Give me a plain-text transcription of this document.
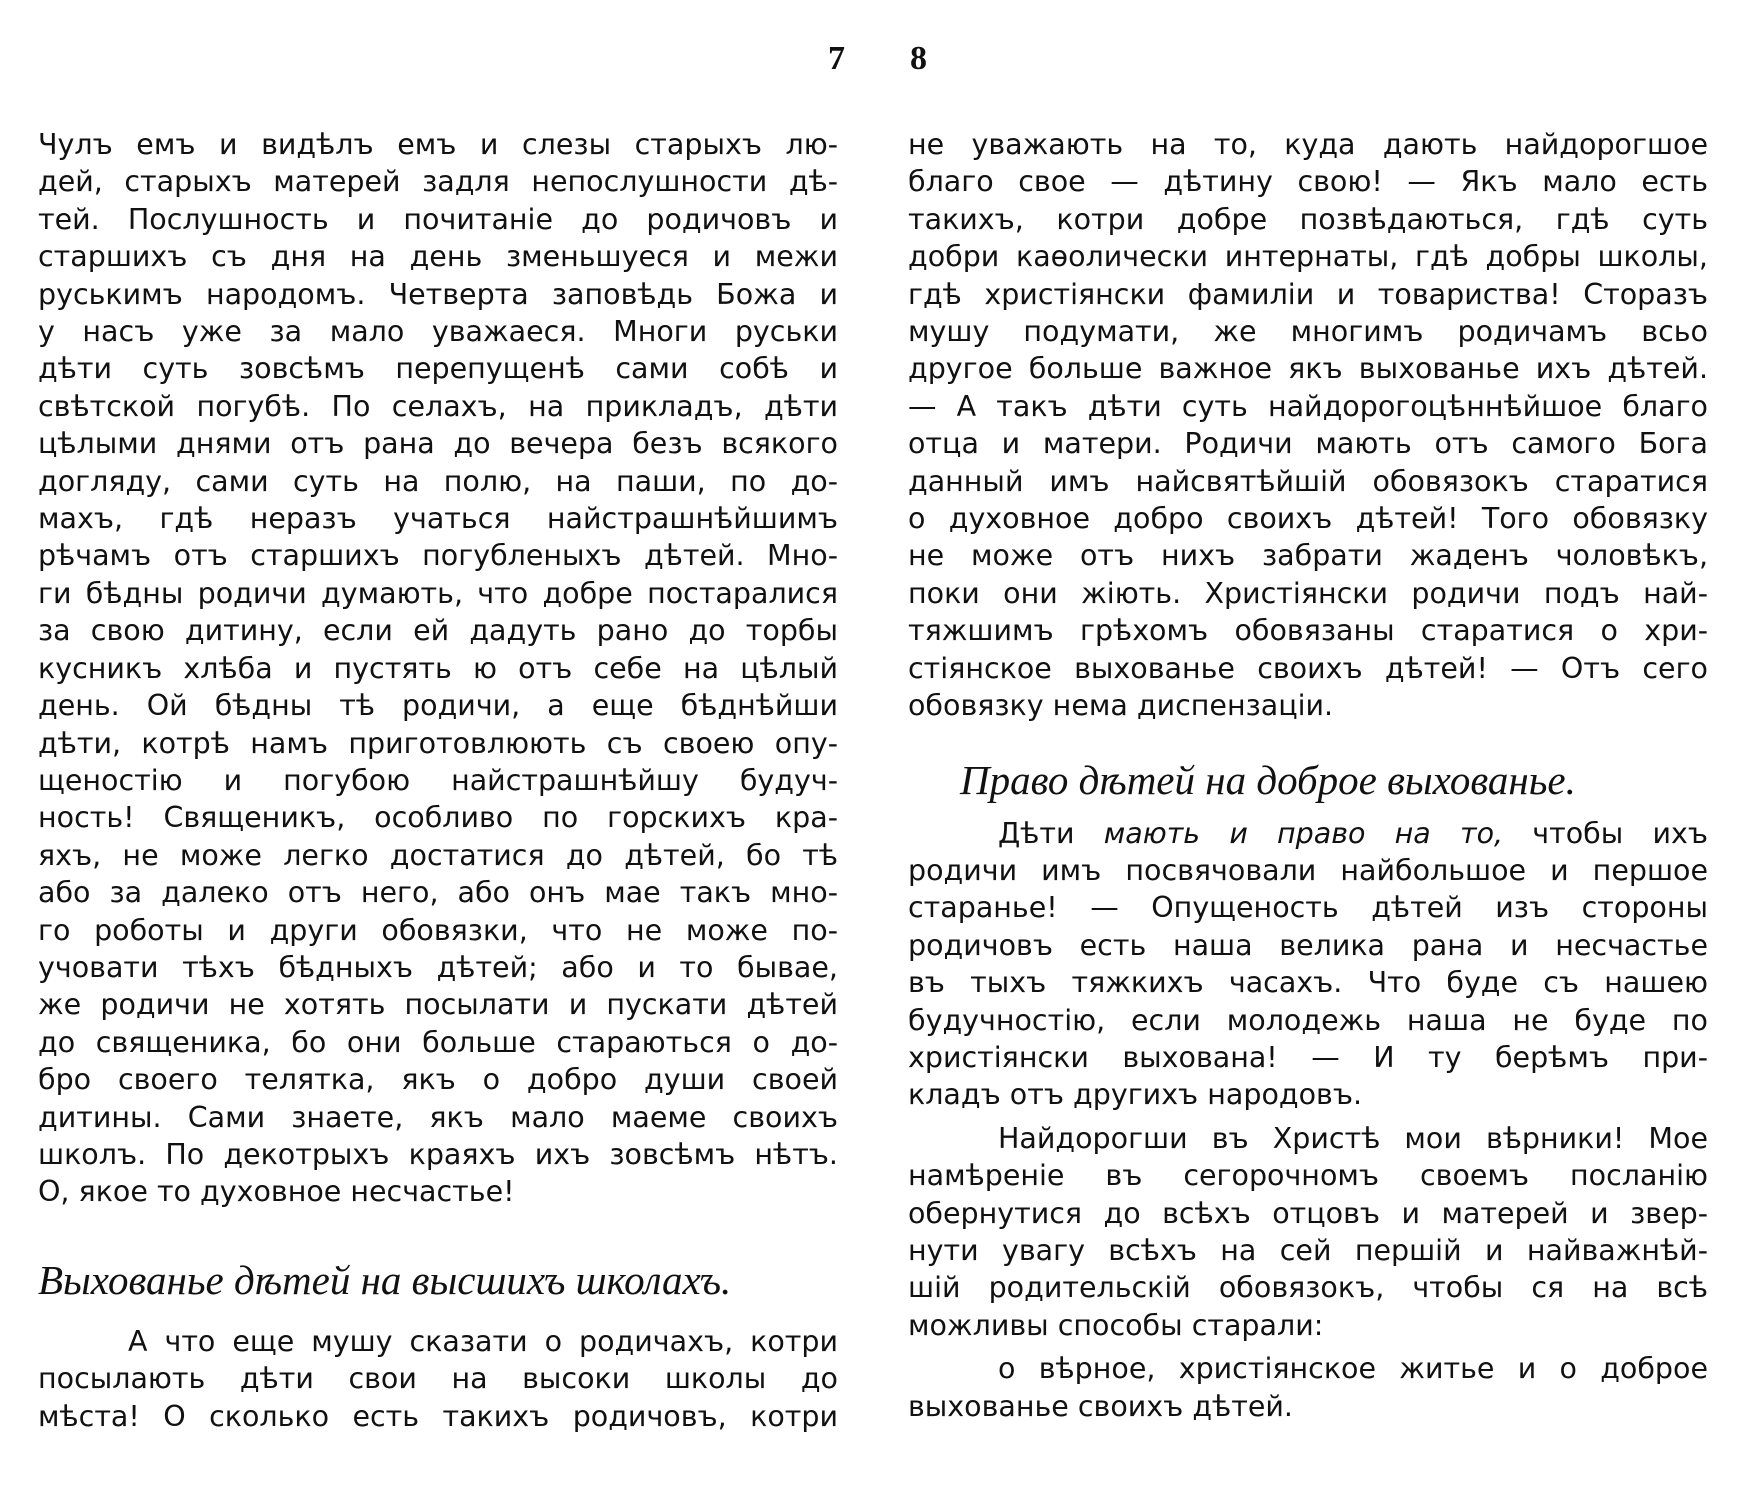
7 8
Чулъ емъ и видѣлъ емъ и слезы старыхъ лю-
дей, старыхъ матерей задля непослушности дѣ-
тей. Послушность и почитаніе до родичовъ и
старшихъ съ дня на день зменьшуеся и межи
руськимъ народомъ. Четверта заповѣдь Божа и
у насъ уже за мало уважаеся. Многи руськи
дѣти суть зовсѣмъ перепущенѣ сами собѣ и
свѣтской погубѣ. По селахъ, на прикладъ, дѣти
цѣлыми днями отъ рана до вечера безъ всякого
догляду, сами суть на полю, на паши, по до-
махъ, гдѣ неразъ учаться найстрашнѣйшимъ
рѣчамъ отъ старшихъ погубленыхъ дѣтей. Мно-
ги бѣдны родичи думають, что добре постаралися
за свою дитину, если ей дадуть рано до торбы
кусникъ хлѣба и пустять ю отъ себе на цѣлый
день. Ой бѣдны тѣ родичи, а еще бѣднѣйши
дѣти, котрѣ намъ приготовлюють съ своею опу-
щеностію и погубою найстрашнѣйшу будуч-
ность! Священикъ, особливо по горскихъ кра-
яхъ, не може легко достатися до дѣтей, бо тѣ
або за далеко отъ него, або онъ мае такъ мно-
го роботы и други обовязки, что не може по-
учовати тѣхъ бѣдныхъ дѣтей; або и то бывае,
же родичи не хотять посылати и пускати дѣтей
до священика, бо они больше стараються о до-
бро своего телятка, якъ о добро души своей
дитины. Сами знаете, якъ мало маеме своихъ
школъ. По декотрыхъ краяхъ ихъ зовсѣмъ нѣтъ.
О, якое то духовное несчастье!
Выхованье дѣтей на высшихъ школахъ.
А что еще мушу сказати о родичахъ, котри
посылають дѣти свои на высоки школы до
мѣста! О сколько есть такихъ родичовъ, котри
не уважають на то, куда дають найдорогшое
благо свое — дѣтину свою! — Якъ мало есть
такихъ, котри добре позвѣдаються, гдѣ суть
добри каѳолически интернаты, гдѣ добры школы,
гдѣ христіянски фамиліи и товариства! Сторазъ
мушу подумати, же многимъ родичамъ всьо
другое больше важное якъ выхованье ихъ дѣтей.
— А такъ дѣти суть найдорогоцѣннѣйшое благо
отца и матери. Родичи мають отъ самого Бога
данный имъ найсвятѣйшій обовязокъ старатися
о духовное добро своихъ дѣтей! Того обовязку
не може отъ нихъ забрати жаденъ чоловѣкъ,
поки они жіють. Христіянски родичи подъ най-
тяжшимъ грѣхомъ обовязаны старатися о хри-
стіянское выхованье своихъ дѣтей! — Отъ сего
обовязку нема диспензаціи.
Право дѣтей на доброе выхованье.
Дѣти мають и право на то, чтобы ихъ
родичи имъ посвячовали найбольшое и першое
старанье! — Опущеность дѣтей изъ стороны
родичовъ есть наша велика рана и несчастье
въ тыхъ тяжкихъ часахъ. Что буде съ нашею
будучностію, если молодежь наша не буде по
христіянски выхована! — И ту берѣмъ при-
кладъ отъ другихъ народовъ.
Найдорогши въ Христѣ мои вѣрники! Мое
намѣреніе въ сегорочномъ своемъ посланію
обернутися до всѣхъ отцовъ и матерей и звер-
нути увагу всѣхъ на сей першій и найважнѣй-
шій родительскій обовязокъ, чтобы ся на всѣ
можливы способы старали:
о вѣрное, христіянское житье и о доброе
выхованье своихъ дѣтей.
